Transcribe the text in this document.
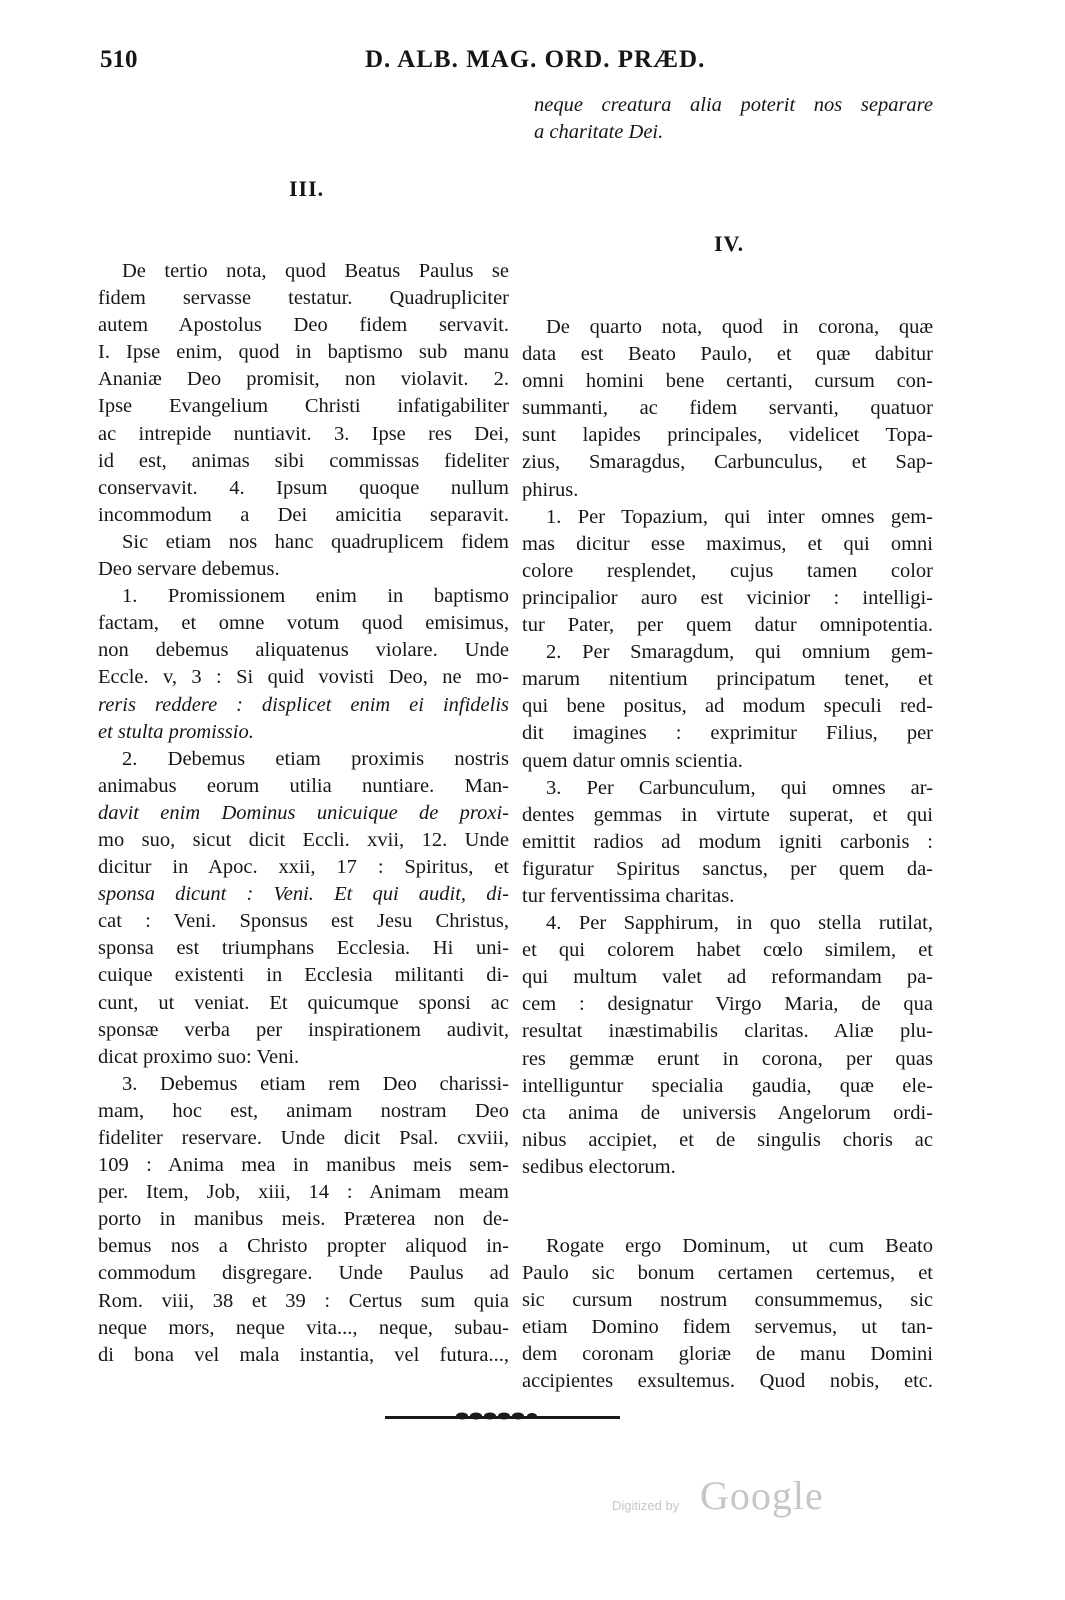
510	D. ALB. MAG. ORD. PRÆD.
III.
De tertio nota, quod Beatus Paulus se
fidem servasse testatur. Quadrupliciter
autem Apostolus Deo fidem servavit.
I. Ipse enim, quod in baptismo sub manu
Ananiæ Deo promisit, non violavit. 2.
Ipse Evangelium Christi infatigabiliter
ac intrepide nuntiavit. 3. Ipse res Dei,
id est, animas sibi commissas fideliter
conservavit. 4. Ipsum quoque nullum
incommodum a Dei amicitia separavit.
Sic etiam nos hanc quadruplicem fidem
Deo servare debemus.
1. Promissionem enim in baptismo
factam, et omne votum quod emisimus,
non debemus aliquatenus violare. Unde
Eccle. v, 3 : Si quid vovisti Deo, ne mo-
reris reddere : displicet enim ei infidelis
et stulta promissio.
2. Debemus etiam proximis nostris
animabus eorum utilia nuntiare. Man-
davit enim Dominus unicuique de proxi-
mo suo, sicut dicit Eccli. xvii, 12. Unde
dicitur in Apoc. xxii, 17 : Spiritus, et
sponsa dicunt : Veni. Et qui audit, di-
cat : Veni. Sponsus est Jesu Christus,
sponsa est triumphans Ecclesia. Hi uni-
cuique existenti in Ecclesia militanti di-
cunt, ut veniat. Et quicumque sponsi ac
sponsæ verba per inspirationem audivit,
dicat proximo suo: Veni.
3. Debemus etiam rem Deo charissi-
mam, hoc est, animam nostram Deo
fideliter reservare. Unde dicit Psal. cxviii,
109 : Anima mea in manibus meis sem-
per. Item, Job, xiii, 14 : Animam meam
porto in manibus meis. Præterea non de-
bemus nos a Christo propter aliquod in-
commodum disgregare. Unde Paulus ad
Rom. viii, 38 et 39 : Certus sum quia
neque mors, neque vita..., neque, subau-
di bona vel mala instantia, vel futura...,
neque creatura alia poterit nos separare
a charitate Dei.
IV.
De quarto nota, quod in corona, quæ
data est Beato Paulo, et quæ dabitur
omni homini bene certanti, cursum con-
summanti, ac fidem servanti, quatuor
sunt lapides principales, videlicet Topa-
zius, Smaragdus, Carbunculus, et Sap-
phirus.
1. Per Topazium, qui inter omnes gem-
mas dicitur esse maximus, et qui omni
colore resplendet, cujus tamen color
principalior auro est vicinior : intelligi-
tur Pater, per quem datur omnipotentia.
2. Per Smaragdum, qui omnium gem-
marum nitentium principatum tenet, et
qui bene positus, ad modum speculi red-
dit imagines : exprimitur Filius, per
quem datur omnis scientia.
3. Per Carbunculum, qui omnes ar-
dentes gemmas in virtute superat, et qui
emittit radios ad modum igniti carbonis :
figuratur Spiritus sanctus, per quem da-
tur ferventissima charitas.
4. Per Sapphirum, in quo stella rutilat,
et qui colorem habet cœlo similem, et
qui multum valet ad reformandam pa-
cem : designatur Virgo Maria, de qua
resultat inæstimabilis claritas. Aliæ plu-
res gemmæ erunt in corona, per quas
intelliguntur specialia gaudia, quæ ele-
cta anima de universis Angelorum ordi-
nibus accipiet, et de singulis choris ac
sedibus electorum.
Rogate ergo Dominum, ut cum Beato
Paulo sic bonum certamen certemus, et
sic cursum nostrum consummemus, sic
etiam Domino fidem servemus, ut tan-
dem coronam gloriæ de manu Domini
accipientes exsultemus. Quod nobis, etc.
Digitized by Google
